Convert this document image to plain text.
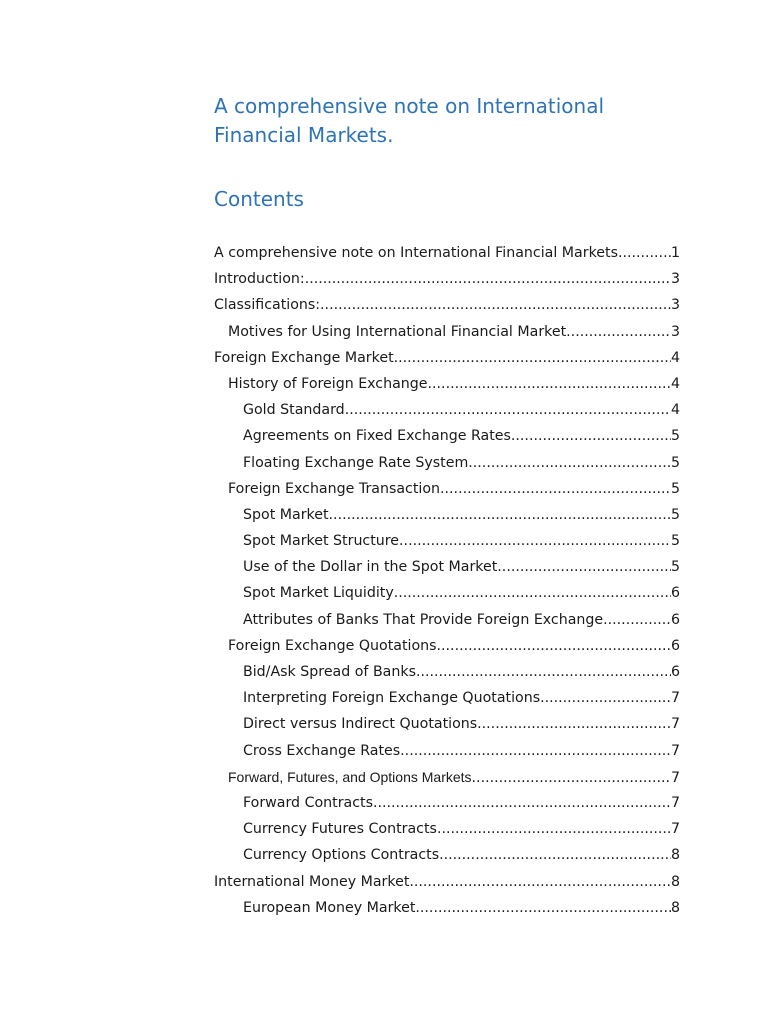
A comprehensive note on International Financial Markets.
Contents
A comprehensive note on International Financial Markets .....	1
Introduction: .....	3
Classifications: .....	3
Motives for Using International Financial Market .....	3
Foreign Exchange Market .....	4
History of Foreign Exchange .....	4
Gold Standard .....	4
Agreements on Fixed Exchange Rates .....	5
Floating Exchange Rate System .....	5
Foreign Exchange Transaction .....	5
Spot Market .....	5
Spot Market Structure .....	5
Use of the Dollar in the Spot Market .....	5
Spot Market Liquidity .....	6
Attributes of Banks That Provide Foreign Exchange .....	6
Foreign Exchange Quotations .....	6
Bid/Ask Spread of Banks .....	6
Interpreting Foreign Exchange Quotations .....	7
Direct versus Indirect Quotations .....	7
Cross Exchange Rates .....	7
Forward, Futures, and Options Markets .....	7
Forward Contracts .....	7
Currency Futures Contracts .....	7
Currency Options Contracts .....	8
International Money Market .....	8
European Money Market .....	8
